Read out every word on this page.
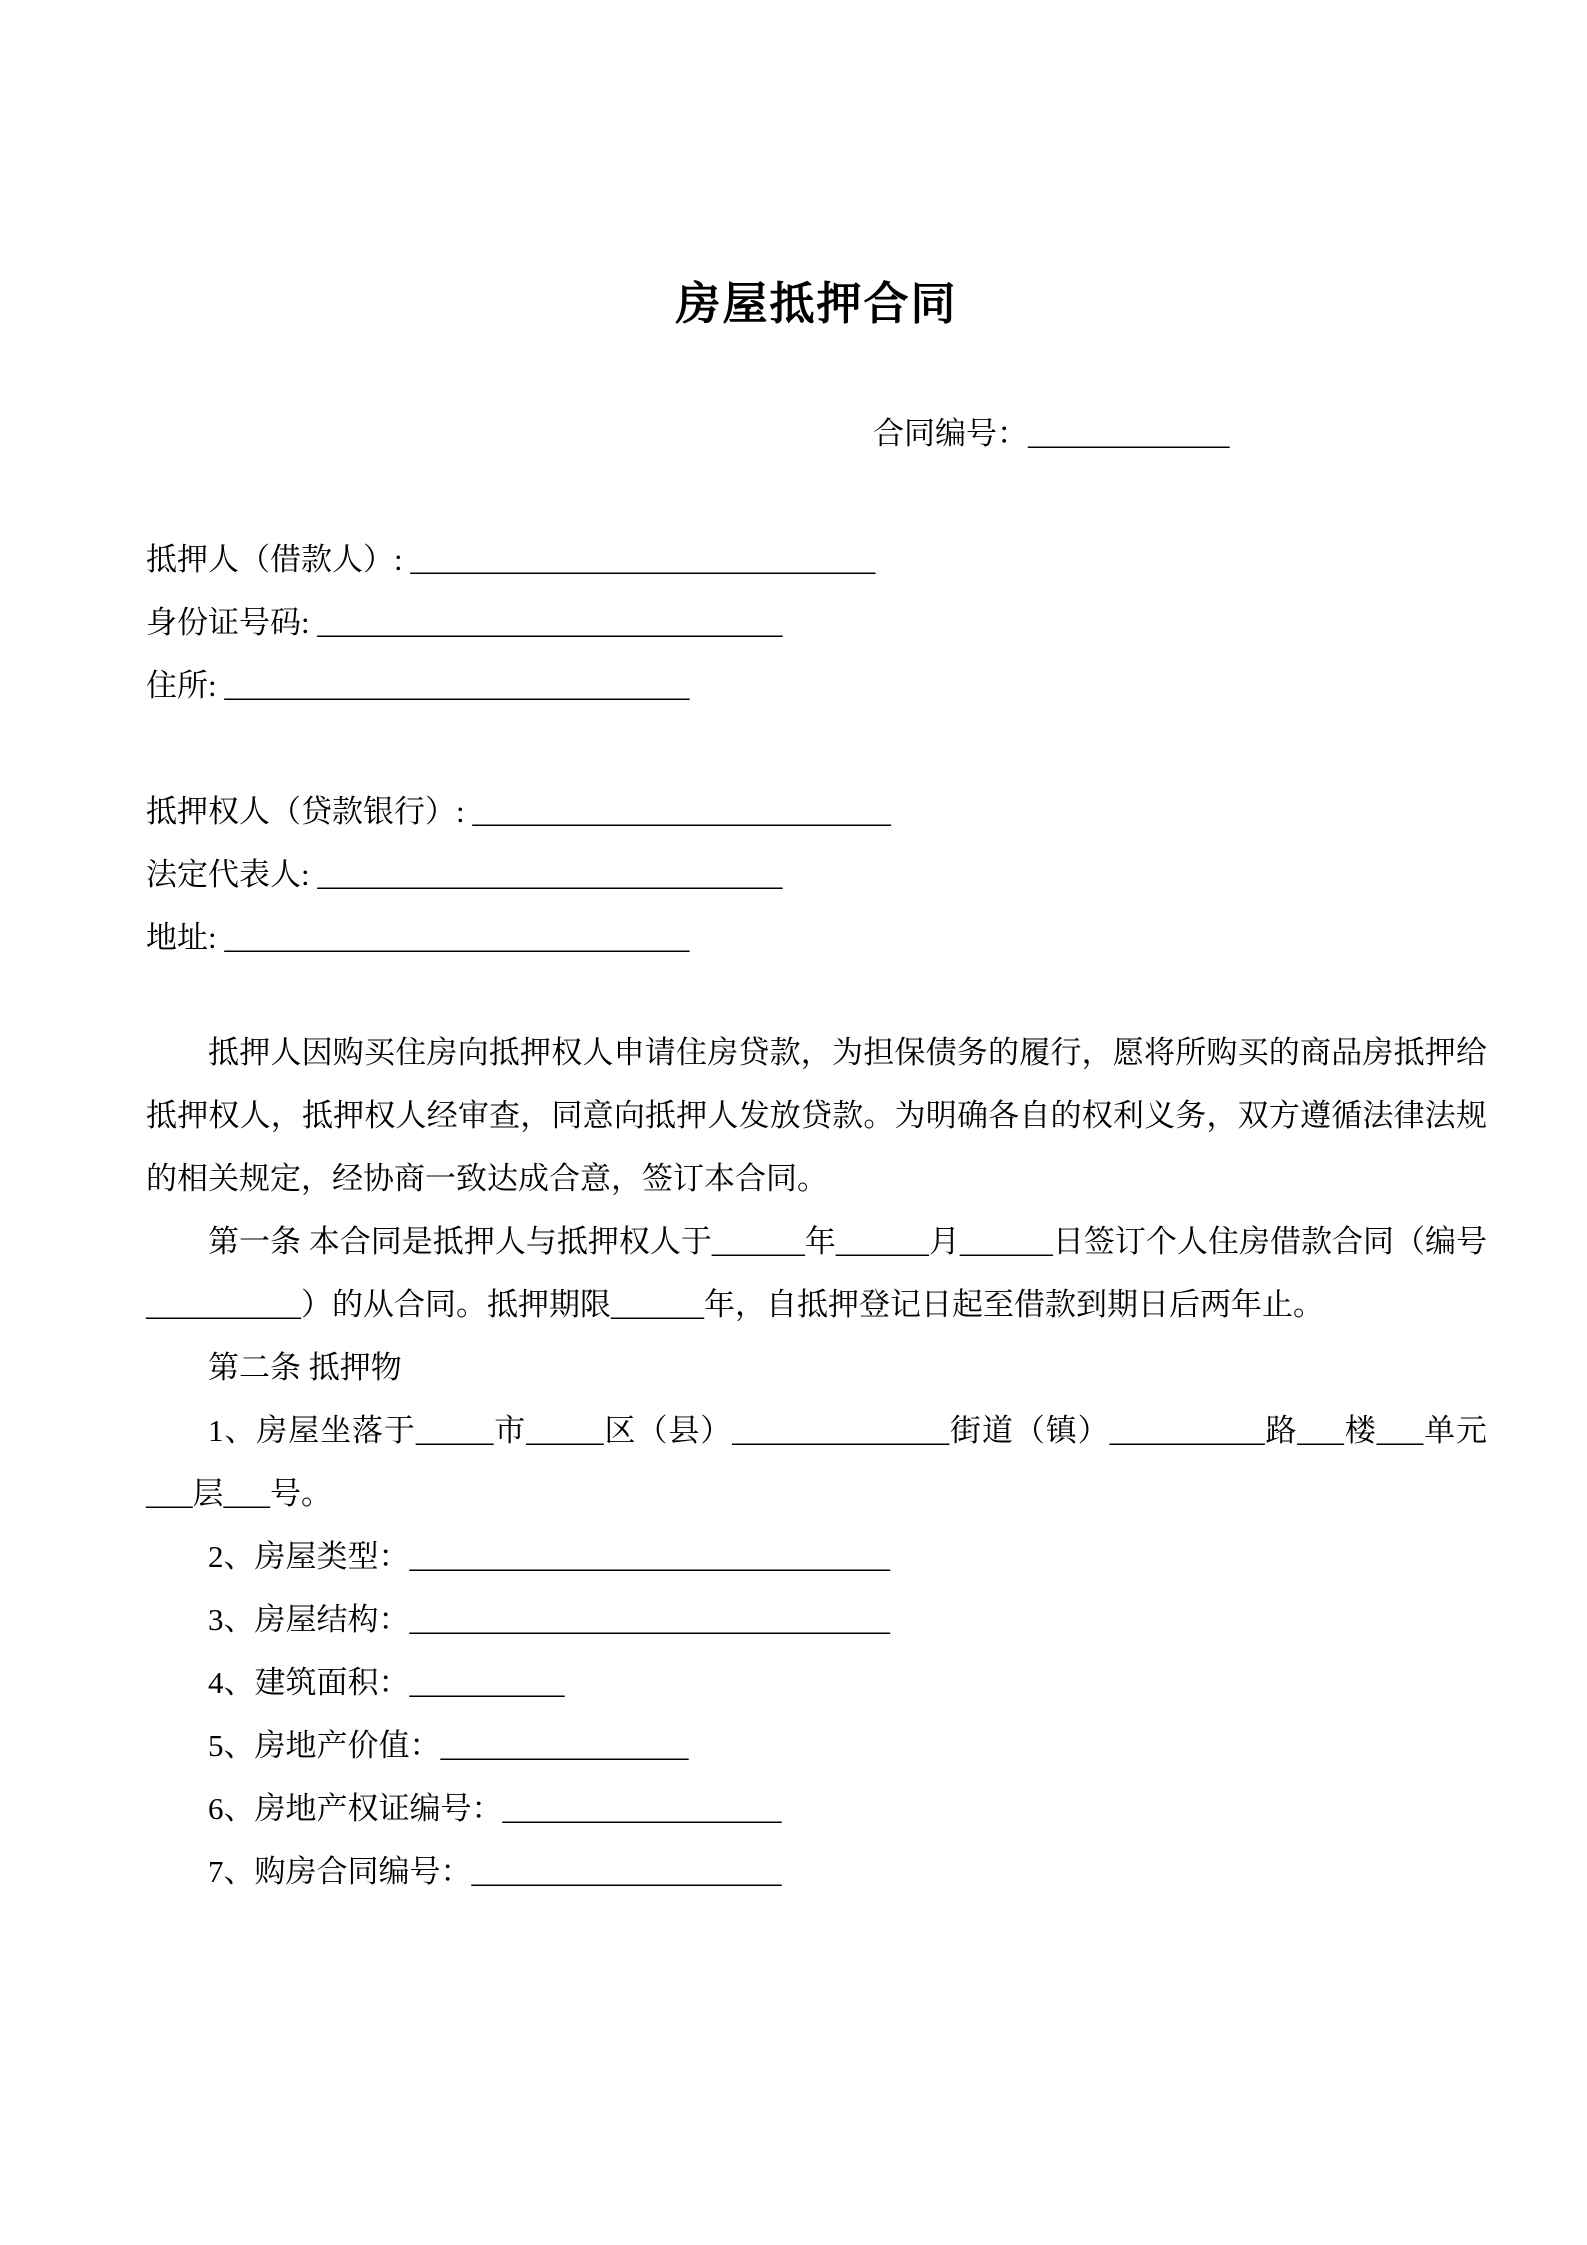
房屋抵押合同
合同编号：_____________
抵押人（借款人）: ______________________________
身份证号码: ______________________________
住所: ______________________________
抵押权人（贷款银行）: ___________________________
法定代表人: ______________________________
地址: ______________________________

抵押人因购买住房向抵押权人申请住房贷款，为担保债务的履行，愿将所购买的商品房抵押给抵押权人，抵押权人经审查，同意向抵押人发放贷款。为明确各自的权利义务，双方遵循法律法规的相关规定，经协商一致达成合意，签订本合同。

第一条 本合同是抵押人与抵押权人于______年______月______日签订个人住房借款合同（编号__________）的从合同。抵押期限______年，自抵押登记日起至借款到期日后两年止。

第二条 抵押物

1、房屋坐落于_____市_____区（县）______________街道（镇）__________路___楼___单元___层___号。

2、房屋类型：_______________________________
3、房屋结构：_______________________________
4、建筑面积：__________
5、房地产价值：________________
6、房地产权证编号：__________________
7、购房合同编号：____________________
